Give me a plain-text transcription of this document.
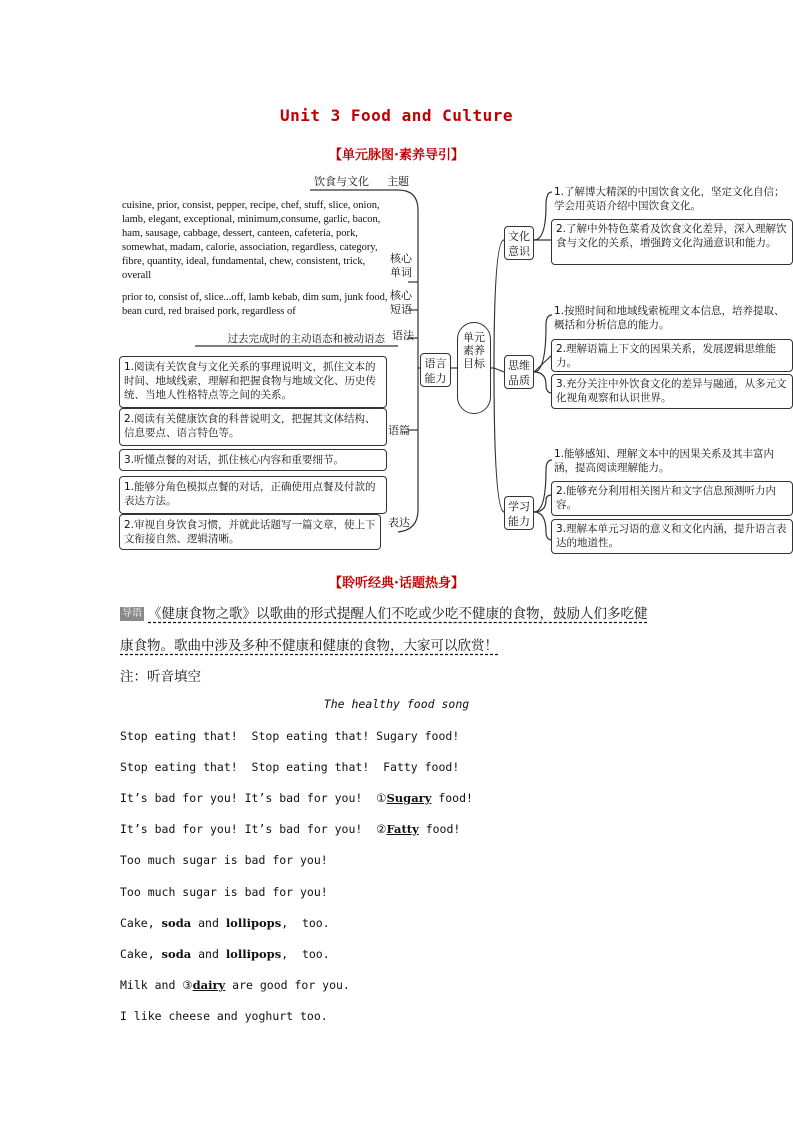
Unit 3 Food and Culture
【单元脉图·素养导引】
饮食与文化	主题
cuisine, prior, consist, pepper, recipe, chef, stuff, slice, onion, lamb, elegant, exceptional, minimum,consume, garlic, bacon, ham, sausage, cabbage, dessert, canteen, cafeteria, pork, somewhat, madam, calorie, association, regardless, category, fibre, quantity, ideal, fundamental, chew, consistent, trick, overall
核心单词
prior to, consist of, slice...off, lamb kebab, dim sum, junk food, bean curd, red braised pork, regardless of
核心短语
过去完成时的主动语态和被动语态 语法
1.阅读有关饮食与文化关系的事理说明文，抓住文本的时间、地域线索，理解和把握食物与地域文化、历史传统、当地人性格特点等之间的关系。
2.阅读有关健康饮食的科普说明文，把握其文体结构、信息要点、语言特色等。
3.听懂点餐的对话，抓住核心内容和重要细节。
语篇
1.能够分角色模拟点餐的对话，正确使用点餐及付款的表达方法。
2.审视自身饮食习惯，并就此话题写一篇文章，使上下文衔接自然、逻辑清晰。
表达
语言能力
单元素养目标
文化意识
1.了解博大精深的中国饮食文化，坚定文化自信；学会用英语介绍中国饮食文化。
2.了解中外特色菜肴及饮食文化差异，深入理解饮食与文化的关系，增强跨文化沟通意识和能力。
思维品质
1.按照时间和地域线索梳理文本信息，培养提取、概括和分析信息的能力。
2.理解语篇上下文的因果关系，发展逻辑思维能力。
3.充分关注中外饮食文化的差异与融通，从多元文化视角观察和认识世界。
学习能力
1.能够感知、理解文本中的因果关系及其丰富内涵，提高阅读理解能力。
2.能够充分利用相关图片和文字信息预测听力内容。
3.理解本单元习语的意义和文化内涵，提升语言表达的地道性。
【聆听经典·话题热身】
导语 《健康食物之歌》以歌曲的形式提醒人们不吃或少吃不健康的食物，鼓励人们多吃健
康食物。歌曲中涉及多种不健康和健康的食物，大家可以欣赏！
注：听音填空
The healthy food song
Stop eating that!  Stop eating that! Sugary food!
Stop eating that!  Stop eating that!  Fatty food!
It’s bad for you! It’s bad for you!  ①Sugary food!
It’s bad for you! It’s bad for you!  ②Fatty food!
Too much sugar is bad for you!
Too much sugar is bad for you!
Cake, soda and lollipops,  too.
Cake, soda and lollipops,  too.
Milk and ③dairy are good for you.
I like cheese and yoghurt too.
